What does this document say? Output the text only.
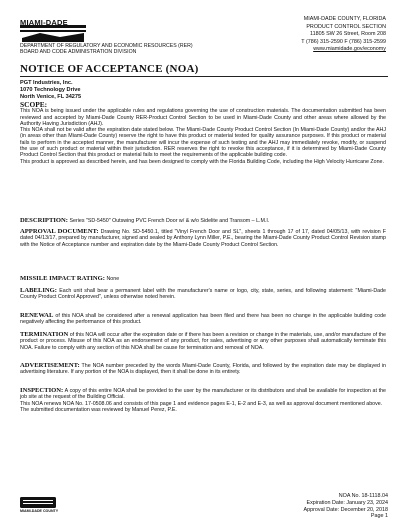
MIAMI-DADE
DEPARTMENT OF REGULATORY AND ECONOMIC RESOURCES (RER)
BOARD AND CODE ADMINISTRATION DIVISION
MIAMI-DADE COUNTY, FLORIDA
PRODUCT CONTROL SECTION
11805 SW 26 Street, Room 208
T (786) 315-2590 F (786) 315-2599
www.miamidade.gov/economy
NOTICE OF ACCEPTANCE (NOA)
PGT Industries, Inc.
1070 Technology Drive
North Venice, FL 34275
SCOPE:
This NOA is being issued under the applicable rules and regulations governing the use of construction materials. The documentation submitted has been reviewed and accepted by Miami-Dade County RER-Product Control Section to be used in Miami-Dade County and other areas where allowed by the Authority Having Jurisdiction (AHJ).
This NOA shall not be valid after the expiration date stated below. The Miami-Dade County Product Control Section (In Miami-Dade County) and/or the AHJ (in areas other than Miami-Dade County) reserve the right to have this product or material tested for quality assurance purposes. If this product or material fails to perform in the accepted manner, the manufacturer will incur the expense of such testing and the AHJ may immediately revoke, modify, or suspend the use of such product or material within their jurisdiction. RER reserves the right to revoke this acceptance, if it is determined by Miami-Dade County Product Control Section that this product or material fails to meet the requirements of the applicable building code.
This product is approved as described herein, and has been designed to comply with the Florida Building Code, including the High Velocity Hurricane Zone.
DESCRIPTION: Series "SD-5450" Outswing PVC French Door w/ & w/o Sidelite and Transom – L.M.I.
APPROVAL DOCUMENT: Drawing No. SD-5450.1, titled "Vinyl French Door and SL", sheets 1 through 17 of 17, dated 04/05/13, with revision F dated 04/13/17, prepared by manufacturer, signed and sealed by Anthony Lynn Miller, P.E., bearing the Miami-Dade County Product Control Revision stamp with the Notice of Acceptance number and expiration date by the Miami-Dade County Product Control Section.
MISSILE IMPACT RATING: None
LABELING: Each unit shall bear a permanent label with the manufacturer's name or logo, city, state, series, and following statement: "Miami-Dade County Product Control Approved", unless otherwise noted herein.
RENEWAL of this NOA shall be considered after a renewal application has been filed and there has been no change in the applicable building code negatively affecting the performance of this product.
TERMINATION of this NOA will occur after the expiration date or if there has been a revision or change in the materials, use, and/or manufacture of the product or process. Misuse of this NOA as an endorsement of any product, for sales, advertising or any other purposes shall automatically terminate this NOA. Failure to comply with any section of this NOA shall be cause for termination and removal of NOA.
ADVERTISEMENT: The NOA number preceded by the words Miami-Dade County, Florida, and followed by the expiration date may be displayed in advertising literature. If any portion of the NOA is displayed, then it shall be done in its entirety.
INSPECTION: A copy of this entire NOA shall be provided to the user by the manufacturer or its distributors and shall be available for inspection at the job site at the request of the Building Official.
This NOA renews NOA No. 17-0508.06 and consists of this page 1 and evidence pages E-1, E-2 and E-3, as well as approval document mentioned above.
The submitted documentation was reviewed by Manuel Perez, P.E.
MIAMI-DADE COUNTY
NOA No. 18-1118.04
Expiration Date: January 23, 2024
Approval Date: December 20, 2018
Page 1
